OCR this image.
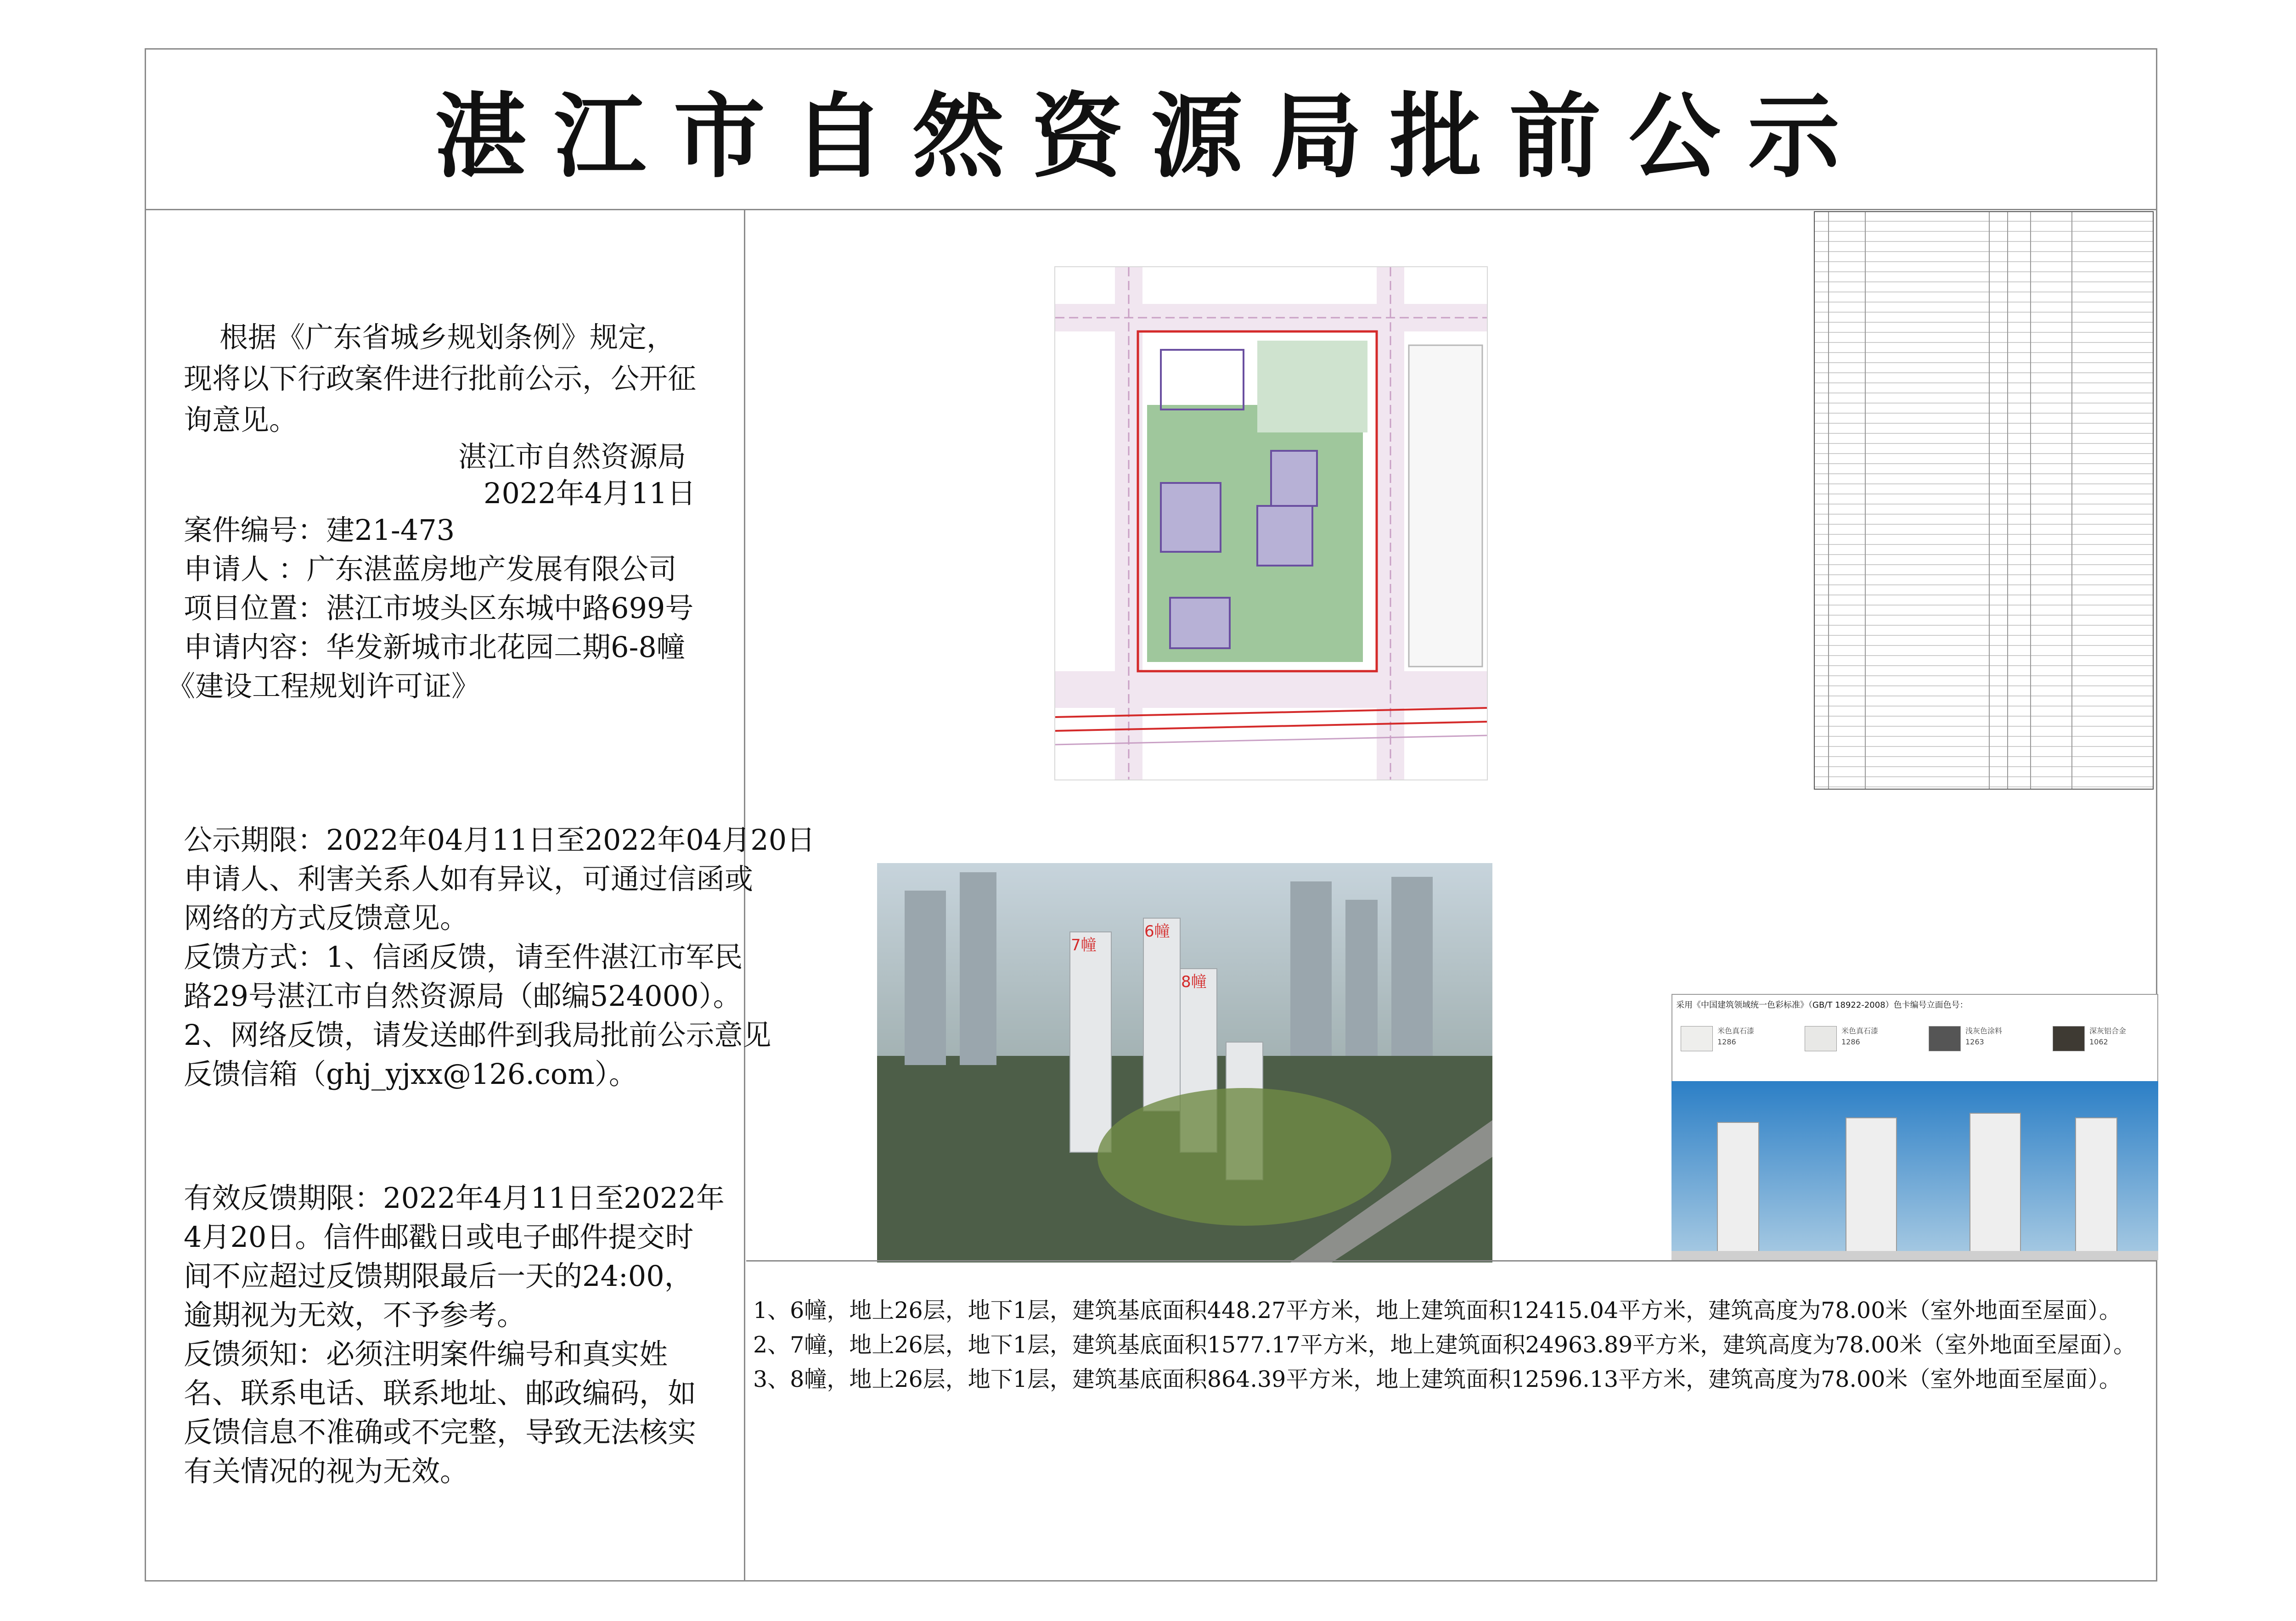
湛江市自然资源局批前公示
根据《广东省城乡规划条例》规定，
现将以下行政案件进行批前公示，公开征
询意见。
湛江市自然资源局
2022年4月11日
案件编号：建21-473
申请人 ：广东湛蓝房地产发展有限公司
项目位置：湛江市坡头区东城中路699号
申请内容：华发新城市北花园二期6-8幢
《建设工程规划许可证》
公示期限：2022年04月11日至2022年04月20日
申请人、利害关系人如有异议，可通过信函或
网络的方式反馈意见。
反馈方式：1、信函反馈，请至件湛江市军民
路29号湛江市自然资源局（邮编524000）。
2、网络反馈，请发送邮件到我局批前公示意见
反馈信箱（ghj_yjxx@126.com）。
有效反馈期限：2022年4月11日至2022年
4月20日。信件邮戳日或电子邮件提交时
间不应超过反馈期限最后一天的24:00，
逾期视为无效，不予参考。
反馈须知：必须注明案件编号和真实姓
名、联系电话、联系地址、邮政编码，如
反馈信息不准确或不完整，导致无法核实
有关情况的视为无效。
7幢
6幢
8幢
采用《中国建筑领域统一色彩标准》（GB/T 18922-2008）色卡编号立面色号：
米色真石漆
1286
米色真石漆
1286
浅灰色涂料
1263
深灰铝合金
1062
1、6幢，地上26层，地下1层，建筑基底面积448.27平方米，地上建筑面积12415.04平方米，建筑高度为78.00米（室外地面至屋面）。
2、7幢，地上26层，地下1层，建筑基底面积1577.17平方米，地上建筑面积24963.89平方米，建筑高度为78.00米（室外地面至屋面）。
3、8幢，地上26层，地下1层，建筑基底面积864.39平方米，地上建筑面积12596.13平方米，建筑高度为78.00米（室外地面至屋面）。
